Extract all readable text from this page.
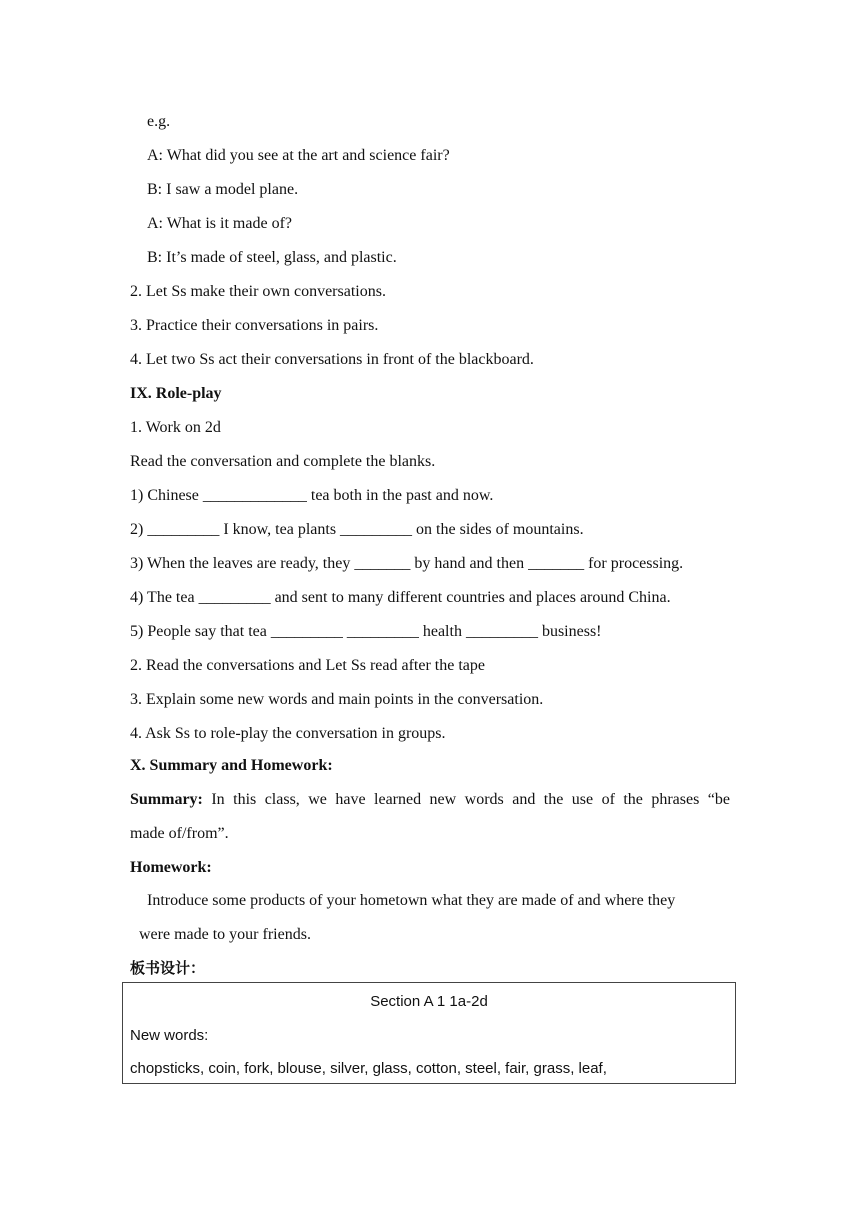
e.g.
A: What did you see at the art and science fair?
B: I saw a model plane.
A: What is it made of?
B: It’s made of steel, glass, and plastic.
2. Let Ss make their own conversations.
3. Practice their conversations in pairs.
4. Let two Ss act their conversations in front of the blackboard.
IX. Role-play
1. Work on 2d
Read the conversation and complete the blanks.
1) Chinese _____________ tea both in the past and now.
2) _________ I know, tea plants _________ on the sides of mountains.
3) When the leaves are ready, they _______ by hand and then _______ for processing.
4) The tea _________ and sent to many different countries and places around China.
5) People say that tea _________ _________ health _________ business!
2. Read the conversations and Let Ss read after the tape
3. Explain some new words and main points in the conversation.
4. Ask Ss to role-play the conversation in groups.
X. Summary and Homework:
Summary: In this class, we have learned new words and the use of the phrases “be
made of/from”.
Homework:
Introduce some products of your hometown what they are made of and where they
were made to your friends.
板书设计：
Section A 1 1a-2d
New words:
chopsticks, coin, fork, blouse, silver, glass, cotton, steel, fair, grass, leaf,
